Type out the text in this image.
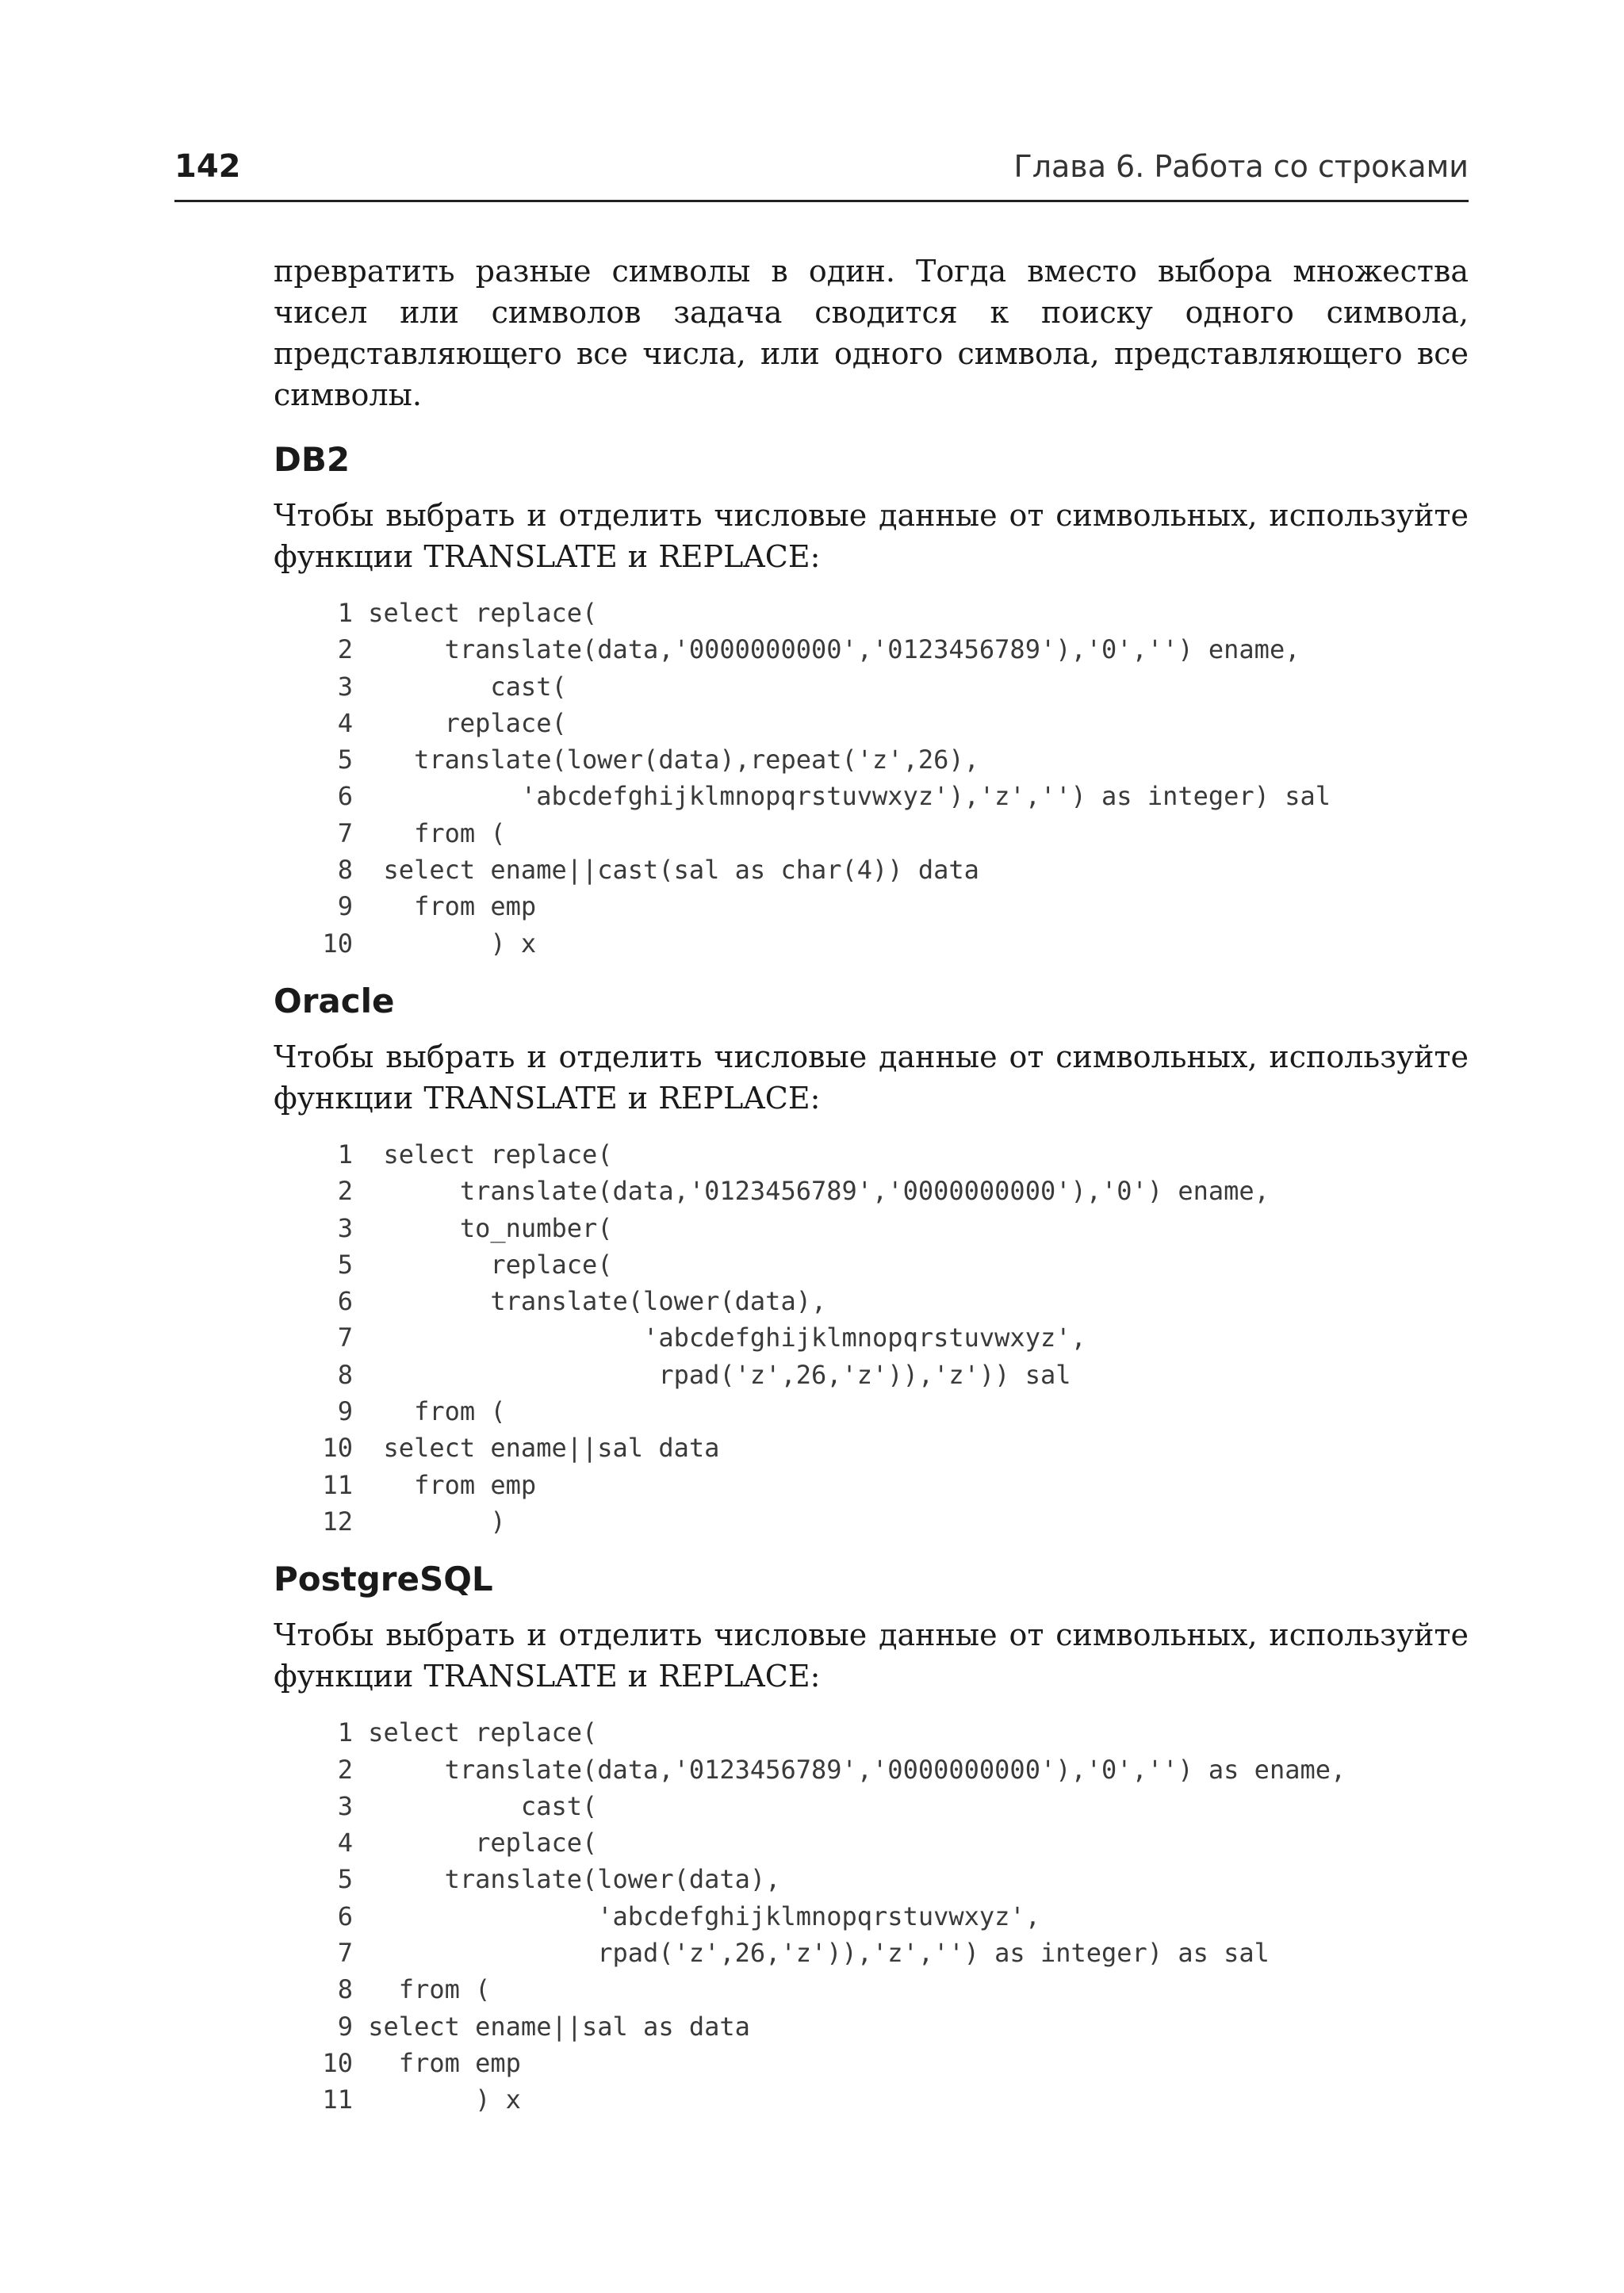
142	Глава 6. Работа со строками

превратить разные символы в один. Тогда вместо выбора множества чисел или символов задача сводится к поиску одного символа, представляющего все числа, или одного символа, представляющего все символы.

DB2

Чтобы выбрать и отделить числовые данные от символьных, используйте функции TRANSLATE и REPLACE:

1 select replace(
2 translate(data,'0000000000','0123456789'),'0','') ename,
3 cast(
4 replace(
5 translate(lower(data),repeat('z',26),
6 'abcdefghijklmnopqrstuvwxyz'),'z','') as integer) sal
7 from (
8 select ename||cast(sal as char(4)) data
9 from emp
10 ) x
Oracle

Чтобы выбрать и отделить числовые данные от символьных, используйте функции TRANSLATE и REPLACE:

1 select replace(
2 translate(data,'0123456789','0000000000'),'0') ename,
3 to_number(
5 replace(
6 translate(lower(data),
7 'abcdefghijklmnopqrstuvwxyz',
8 rpad('z',26,'z')),'z')) sal
9 from (
10 select ename||sal data
11 from emp
12 )
PostgreSQL

Чтобы выбрать и отделить числовые данные от символьных, используйте функции TRANSLATE и REPLACE:

1 select replace(
2 translate(data,'0123456789','0000000000'),'0','') as ename,
3 cast(
4 replace(
5 translate(lower(data),
6 'abcdefghijklmnopqrstuvwxyz',
7 rpad('z',26,'z')),'z','') as integer) as sal
8 from (
9 select ename||sal as data
10 from emp
11 ) x
